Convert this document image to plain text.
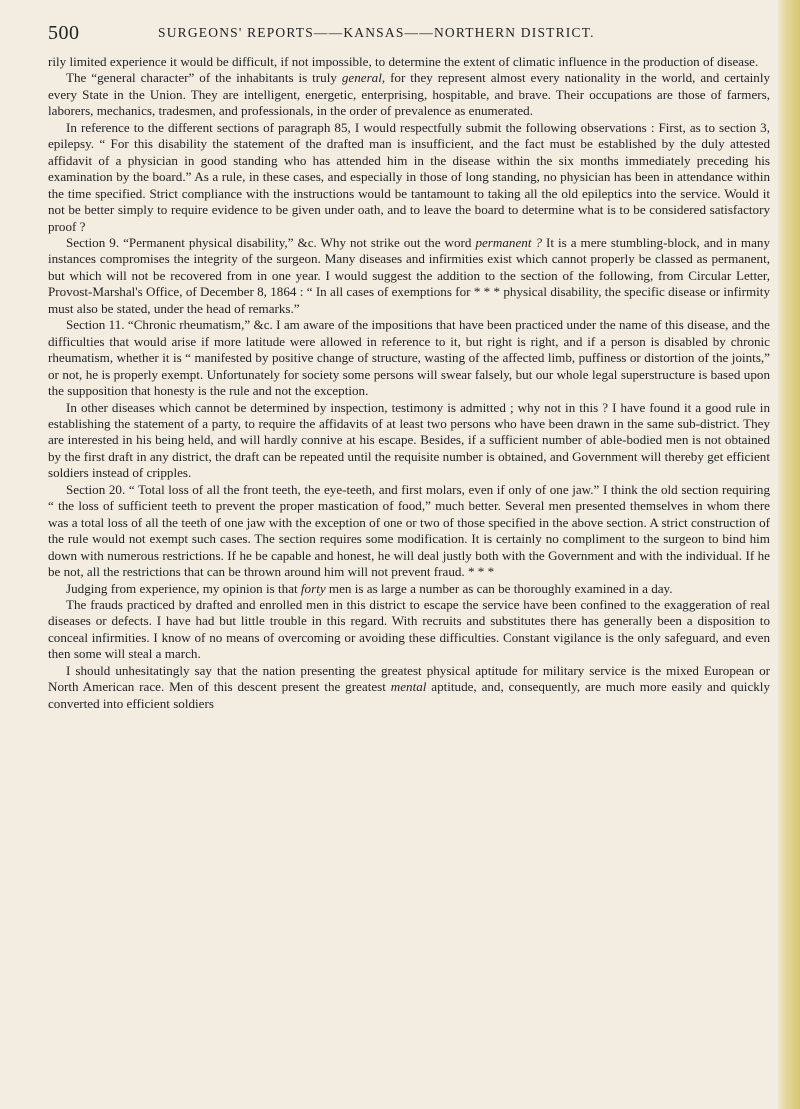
500	SURGEONS' REPORTS——KANSAS——NORTHERN DISTRICT.

rily limited experience it would be difficult, if not impossible, to determine the extent of climatic influence in the production of disease.

The “general character” of the inhabitants is truly general, for they represent almost every nationality in the world, and certainly every State in the Union. They are intelligent, energetic, enterprising, hospitable, and brave. Their occupations are those of farmers, laborers, mechanics, tradesmen, and professionals, in the order of prevalence as enumerated.

In reference to the different sections of paragraph 85, I would respectfully submit the following observations : First, as to section 3, epilepsy. “ For this disability the statement of the drafted man is insufficient, and the fact must be established by the duly attested affidavit of a physician in good standing who has attended him in the disease within the six months immediately preceding his examination by the board.” As a rule, in these cases, and especially in those of long standing, no physician has been in attendance within the time specified. Strict compliance with the instructions would be tantamount to taking all the old epileptics into the service. Would it not be better simply to require evidence to be given under oath, and to leave the board to determine what is to be considered satisfactory proof ?

Section 9. “Permanent physical disability,” &c. Why not strike out the word permanent ? It is a mere stumbling-block, and in many instances compromises the integrity of the surgeon. Many diseases and infirmities exist which cannot properly be classed as permanent, but which will not be recovered from in one year. I would suggest the addition to the section of the following, from Circular Letter, Provost-Marshal's Office, of December 8, 1864 : “ In all cases of exemptions for * * * physical disability, the specific disease or infirmity must also be stated, under the head of remarks.”

Section 11. “Chronic rheumatism,” &c. I am aware of the impositions that have been practiced under the name of this disease, and the difficulties that would arise if more latitude were allowed in reference to it, but right is right, and if a person is disabled by chronic rheumatism, whether it is “ manifested by positive change of structure, wasting of the affected limb, puffiness or distortion of the joints,” or not, he is properly exempt. Unfortunately for society some persons will swear falsely, but our whole legal superstructure is based upon the supposition that honesty is the rule and not the exception.

In other diseases which cannot be determined by inspection, testimony is admitted ; why not in this ? I have found it a good rule in establishing the statement of a party, to require the affidavits of at least two persons who have been drawn in the same sub-district. They are interested in his being held, and will hardly connive at his escape. Besides, if a sufficient number of able-bodied men is not obtained by the first draft in any district, the draft can be repeated until the requisite number is obtained, and Government will thereby get efficient soldiers instead of cripples.

Section 20. “ Total loss of all the front teeth, the eye-teeth, and first molars, even if only of one jaw.” I think the old section requiring “ the loss of sufficient teeth to prevent the proper mastication of food,” much better. Several men presented themselves in whom there was a total loss of all the teeth of one jaw with the exception of one or two of those specified in the above section. A strict construction of the rule would not exempt such cases. The section requires some modification. It is certainly no compliment to the surgeon to bind him down with numerous restrictions. If he be capable and honest, he will deal justly both with the Government and with the individual. If he be not, all the restrictions that can be thrown around him will not prevent fraud. * * *

Judging from experience, my opinion is that forty men is as large a number as can be thoroughly examined in a day.

The frauds practiced by drafted and enrolled men in this district to escape the service have been confined to the exaggeration of real diseases or defects. I have had but little trouble in this regard. With recruits and substitutes there has generally been a disposition to conceal infirmities. I know of no means of overcoming or avoiding these difficulties. Constant vigilance is the only safeguard, and even then some will steal a march.

I should unhesitatingly say that the nation presenting the greatest physical aptitude for military service is the mixed European or North American race. Men of this descent present the greatest mental aptitude, and, consequently, are much more easily and quickly converted into efficient soldiers
